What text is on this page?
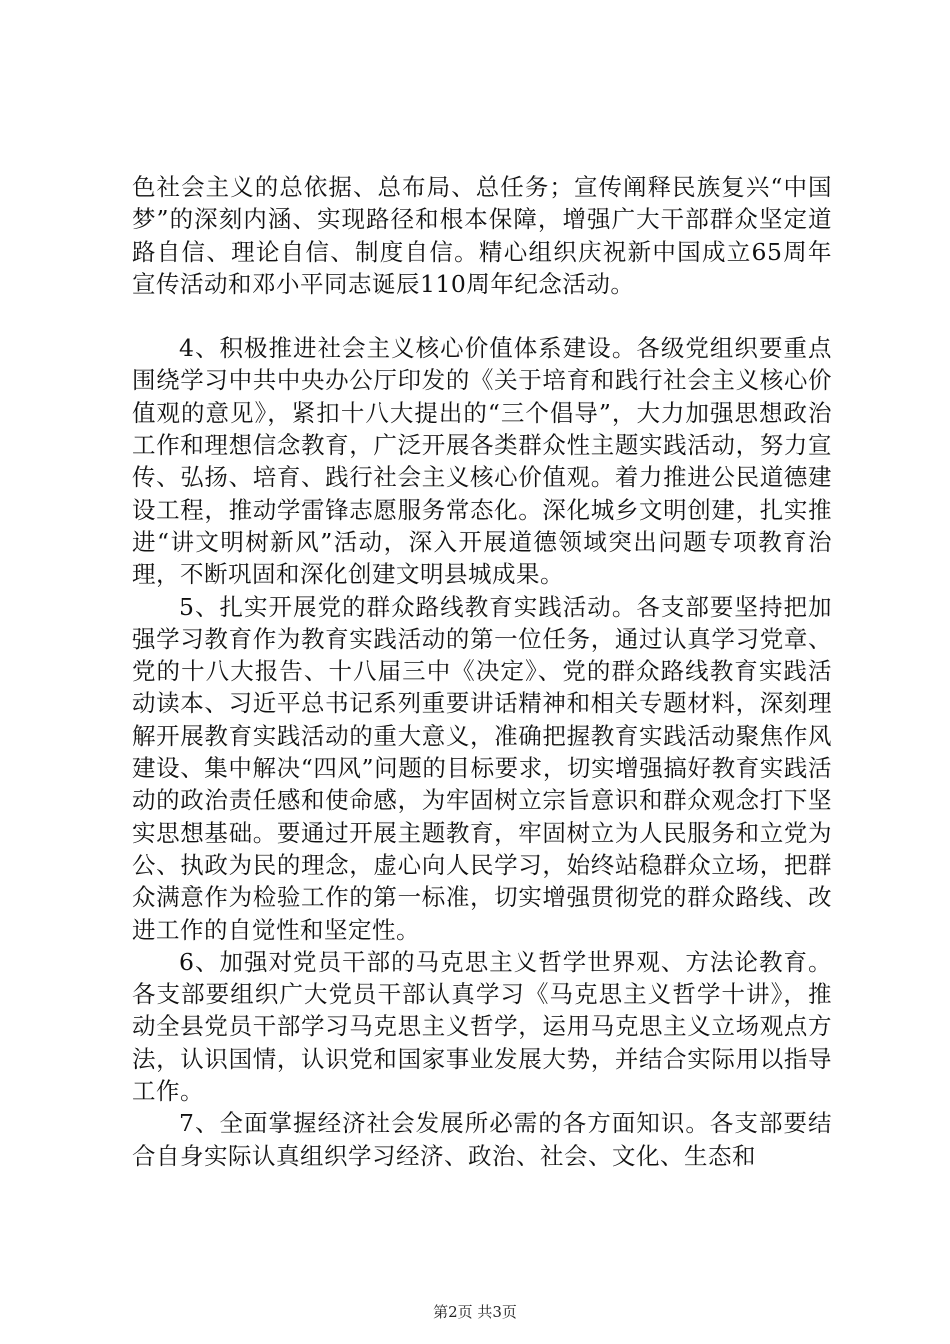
色社会主义的总依据、总布局、总任务；宣传阐释民族复兴“中国梦”的深刻内涵、实现路径和根本保障，增强广大干部群众坚定道路自信、理论自信、制度自信。精心组织庆祝新中国成立65周年宣传活动和邓小平同志诞辰110周年纪念活动。

4、积极推进社会主义核心价值体系建设。各级党组织要重点围绕学习中共中央办公厅印发的《关于培育和践行社会主义核心价值观的意见》，紧扣十八大提出的“三个倡导”，大力加强思想政治工作和理想信念教育，广泛开展各类群众性主题实践活动，努力宣传、弘扬、培育、践行社会主义核心价值观。着力推进公民道德建设工程，推动学雷锋志愿服务常态化。深化城乡文明创建，扎实推进“讲文明树新风”活动，深入开展道德领域突出问题专项教育治理，不断巩固和深化创建文明县城成果。

5、扎实开展党的群众路线教育实践活动。各支部要坚持把加强学习教育作为教育实践活动的第一位任务，通过认真学习党章、党的十八大报告、十八届三中《决定》、党的群众路线教育实践活动读本、习近平总书记系列重要讲话精神和相关专题材料，深刻理解开展教育实践活动的重大意义，准确把握教育实践活动聚焦作风建设、集中解决“四风”问题的目标要求，切实增强搞好教育实践活动的政治责任感和使命感，为牢固树立宗旨意识和群众观念打下坚实思想基础。要通过开展主题教育，牢固树立为人民服务和立党为公、执政为民的理念，虚心向人民学习，始终站稳群众立场，把群众满意作为检验工作的第一标准，切实增强贯彻党的群众路线、改进工作的自觉性和坚定性。

6、加强对党员干部的马克思主义哲学世界观、方法论教育。各支部要组织广大党员干部认真学习《马克思主义哲学十讲》，推动全县党员干部学习马克思主义哲学，运用马克思主义立场观点方法，认识国情，认识党和国家事业发展大势，并结合实际用以指导工作。

7、全面掌握经济社会发展所必需的各方面知识。各支部要结合自身实际认真组织学习经济、政治、社会、文化、生态和

第2页 共3页
